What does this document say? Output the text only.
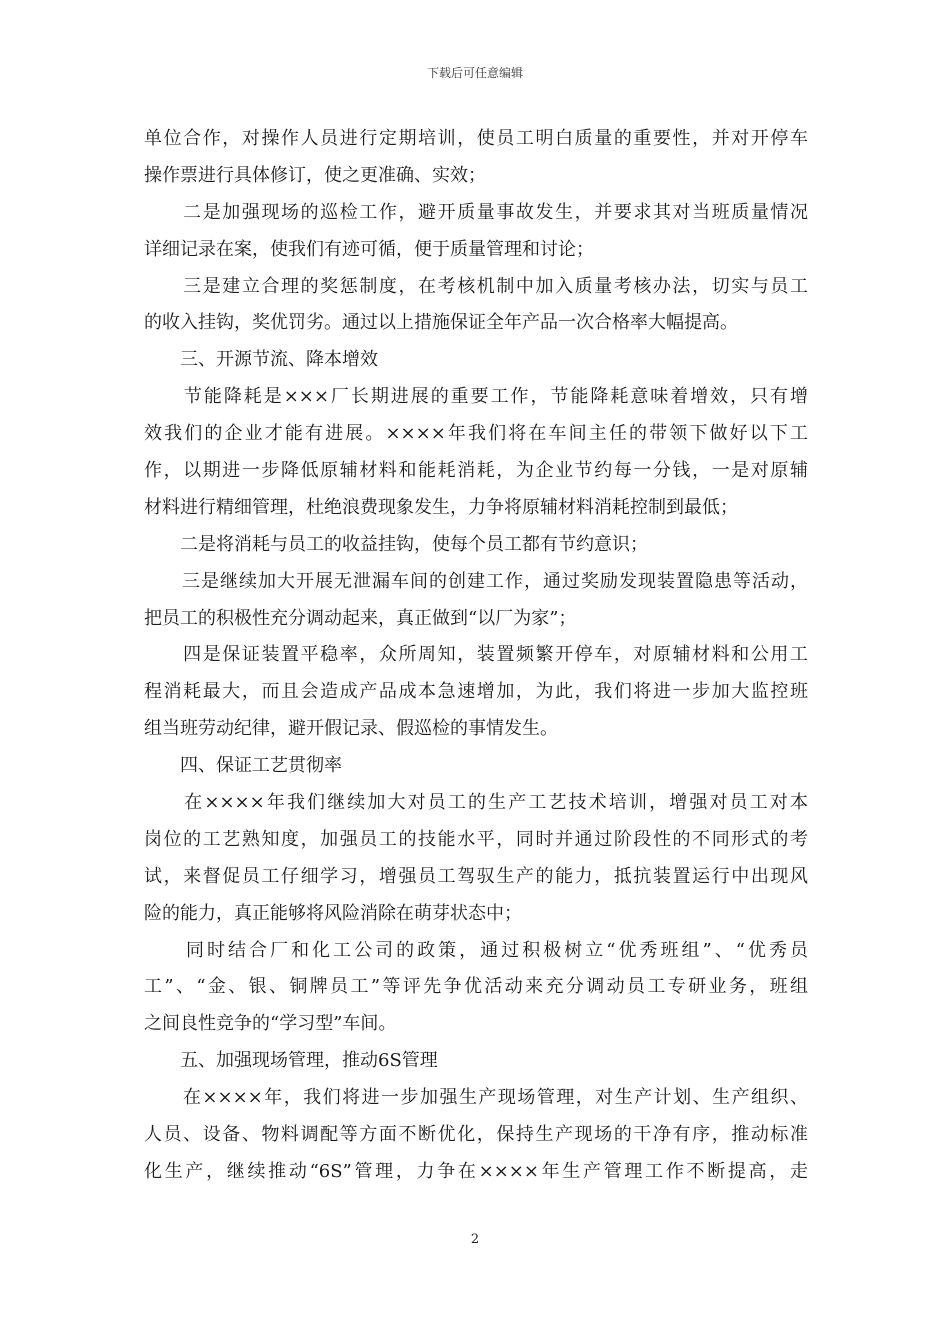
下载后可任意编辑
单位合作，对操作人员进行定期培训，使员工明白质量的重要性，并对开停车
操作票进行具体修订，使之更准确、实效；
　　二是加强现场的巡检工作，避开质量事故发生，并要求其对当班质量情况
详细记录在案，使我们有迹可循，便于质量管理和讨论；
　　三是建立合理的奖惩制度，在考核机制中加入质量考核办法，切实与员工
的收入挂钩，奖优罚劣。通过以上措施保证全年产品一次合格率大幅提高。
　　三、开源节流、降本增效
　　节能降耗是×××厂长期进展的重要工作，节能降耗意味着增效，只有增
效我们的企业才能有进展。××××年我们将在车间主任的带领下做好以下工
作，以期进一步降低原辅材料和能耗消耗，为企业节约每一分钱，一是对原辅
材料进行精细管理，杜绝浪费现象发生，力争将原辅材料消耗控制到最低；
　　二是将消耗与员工的收益挂钩，使每个员工都有节约意识；
　　三是继续加大开展无泄漏车间的创建工作，通过奖励发现装置隐患等活动，
把员工的积极性充分调动起来，真正做到“以厂为家”；
　　四是保证装置平稳率，众所周知，装置频繁开停车，对原辅材料和公用工
程消耗最大，而且会造成产品成本急速增加，为此，我们将进一步加大监控班
组当班劳动纪律，避开假记录、假巡检的事情发生。
　　四、保证工艺贯彻率
　　在××××年我们继续加大对员工的生产工艺技术培训，增强对员工对本
岗位的工艺熟知度，加强员工的技能水平，同时并通过阶段性的不同形式的考
试，来督促员工仔细学习，增强员工驾驭生产的能力，抵抗装置运行中出现风
险的能力，真正能够将风险消除在萌芽状态中；
　　同时结合厂和化工公司的政策，通过积极树立“优秀班组”、“优秀员
工”、“金、银、铜牌员工”等评先争优活动来充分调动员工专研业务，班组
之间良性竞争的“学习型”车间。
　　五、加强现场管理，推动6S管理
　　在××××年，我们将进一步加强生产现场管理，对生产计划、生产组织、
人员、设备、物料调配等方面不断优化，保持生产现场的干净有序，推动标准
化生产，继续推动“6S”管理，力争在××××年生产管理工作不断提高，走
2
